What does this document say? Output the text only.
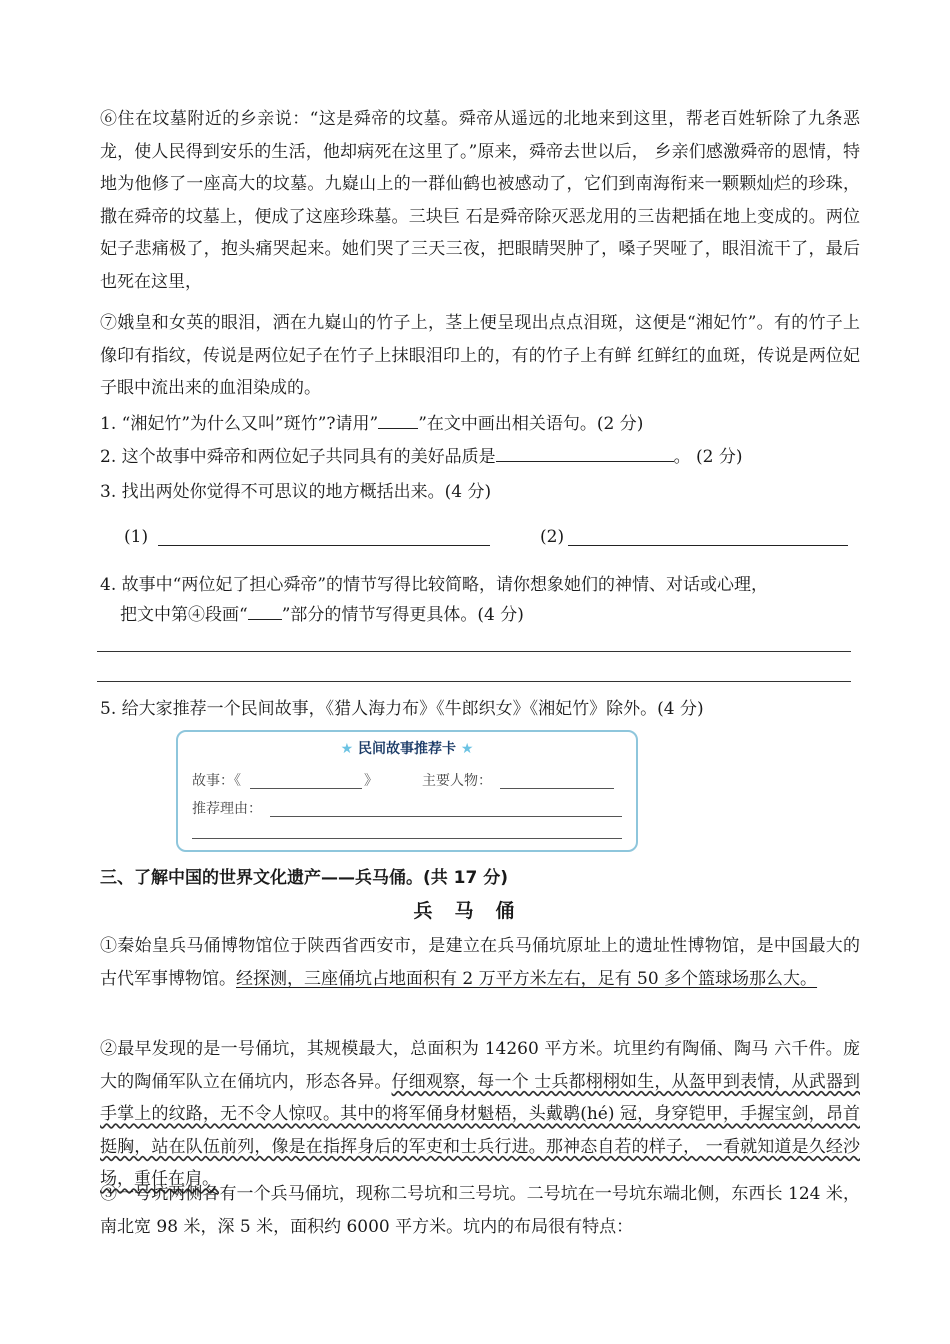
⑥住在坟墓附近的乡亲说：“这是舜帝的坟墓。舜帝从遥远的北地来到这里，帮老百姓斩除了九条恶龙，使人民得到安乐的生活，他却病死在这里了。”原来，舜帝去世以后， 乡亲们感激舜帝的恩情，特地为他修了一座高大的坟墓。九嶷山上的一群仙鹤也被感动了，它们到南海衔来一颗颗灿烂的珍珠，撒在舜帝的坟墓上，便成了这座珍珠墓。三块巨 石是舜帝除灭恶龙用的三齿耙插在地上变成的。两位妃子悲痛极了，抱头痛哭起来。她们哭了三天三夜，把眼睛哭肿了，嗓子哭哑了，眼泪流干了，最后也死在这里，

⑦娥皇和女英的眼泪，洒在九嶷山的竹子上，茎上便呈现出点点泪斑，这便是“湘妃竹”。有的竹子上像印有指纹，传说是两位妃子在竹子上抹眼泪印上的，有的竹子上有鲜 红鲜红的血斑，传说是两位妃子眼中流出来的血泪染成的。

1. “湘妃竹”为什么又叫”斑竹”?请用” ”在文中画出相关语句。(2 分)

2. 这个故事中舜帝和两位妃子共同具有的美好品质是	。 (2 分)

3. 找出两处你觉得不可思议的地方概括出来。(4 分)

(1)	(2)

4. 故事中“两位妃了担心舜帝”的情节写得比较简略，请你想象她们的神情、对话或心理，

把文中第④段画“ ”部分的情节写得更具体。(4 分)

5. 给大家推荐一个民间故事，《猎人海力布》《牛郎织女》《湘妃竹》除外。(4 分)

★ 民间故事推荐卡 ★
故事：《	》	主要人物：
推荐理由：

三、了解中国的世界文化遗产——兵马俑。(共 17 分)

兵马俑

①秦始皇兵马俑博物馆位于陕西省西安市，是建立在兵马俑坑原址上的遗址性博物馆，是中国最大的古代军事博物馆。经探测，三座俑坑占地面积有 2 万平方米左右，足有 50 多个篮球场那么大。

②最早发现的是一号俑坑，其规模最大，总面积为 14260 平方米。坑里约有陶俑、陶马 六千件。庞大的陶俑军队立在俑坑内，形态各异。仔细观察，每一个 士兵都栩栩如生，从盔甲到表情，从武器到手掌上的纹路，无不令人惊叹。其中的将军俑身材魁梧，头戴鹖(hé) 冠，身穿铠甲，手握宝剑，昂首挺胸，站在队伍前列，像是在指挥身后的军吏和士兵行进。那神态自若的样子， 一看就知道是久经沙场，重任在肩。

③一号坑两侧各有一个兵马俑坑，现称二号坑和三号坑。二号坑在一号坑东端北侧，东西长 124 米，南北宽 98 米，深 5 米，面积约 6000 平方米。坑内的布局很有特点：
